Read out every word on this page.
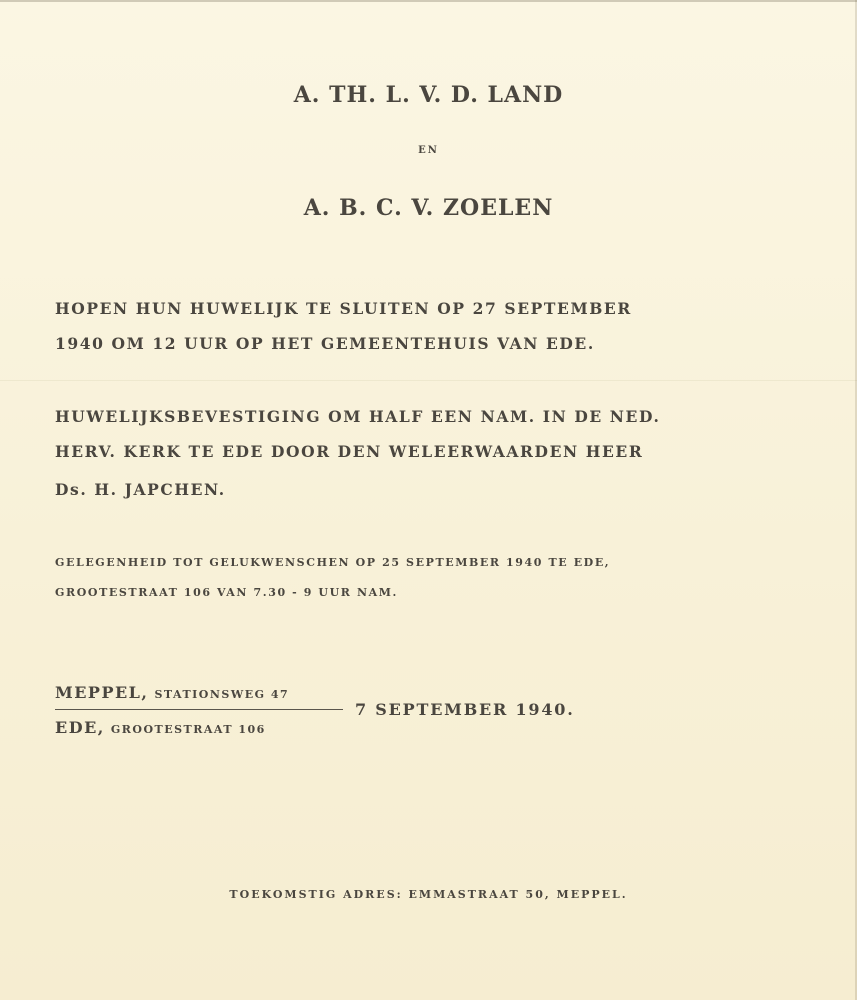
A. TH. L. V. D. LAND
EN
A. B. C. V. ZOELEN
HOPEN HUN HUWELIJK TE SLUITEN OP 27 SEPTEMBER
1940 OM 12 UUR OP HET GEMEENTEHUIS VAN EDE.
HUWELIJKSBEVESTIGING OM HALF EEN NAM. IN DE NED.
HERV. KERK TE EDE DOOR DEN WELEERWAARDEN HEER
Ds. H. JAPCHEN.
GELEGENHEID TOT GELUKWENSCHEN OP 25 SEPTEMBER 1940 TE EDE,
GROOTESTRAAT 106 VAN 7.30 - 9 UUR NAM.
MEPPEL, STATIONSWEG 47
7 SEPTEMBER 1940.
EDE, GROOTESTRAAT 106
TOEKOMSTIG ADRES: EMMASTRAAT 50, MEPPEL.
